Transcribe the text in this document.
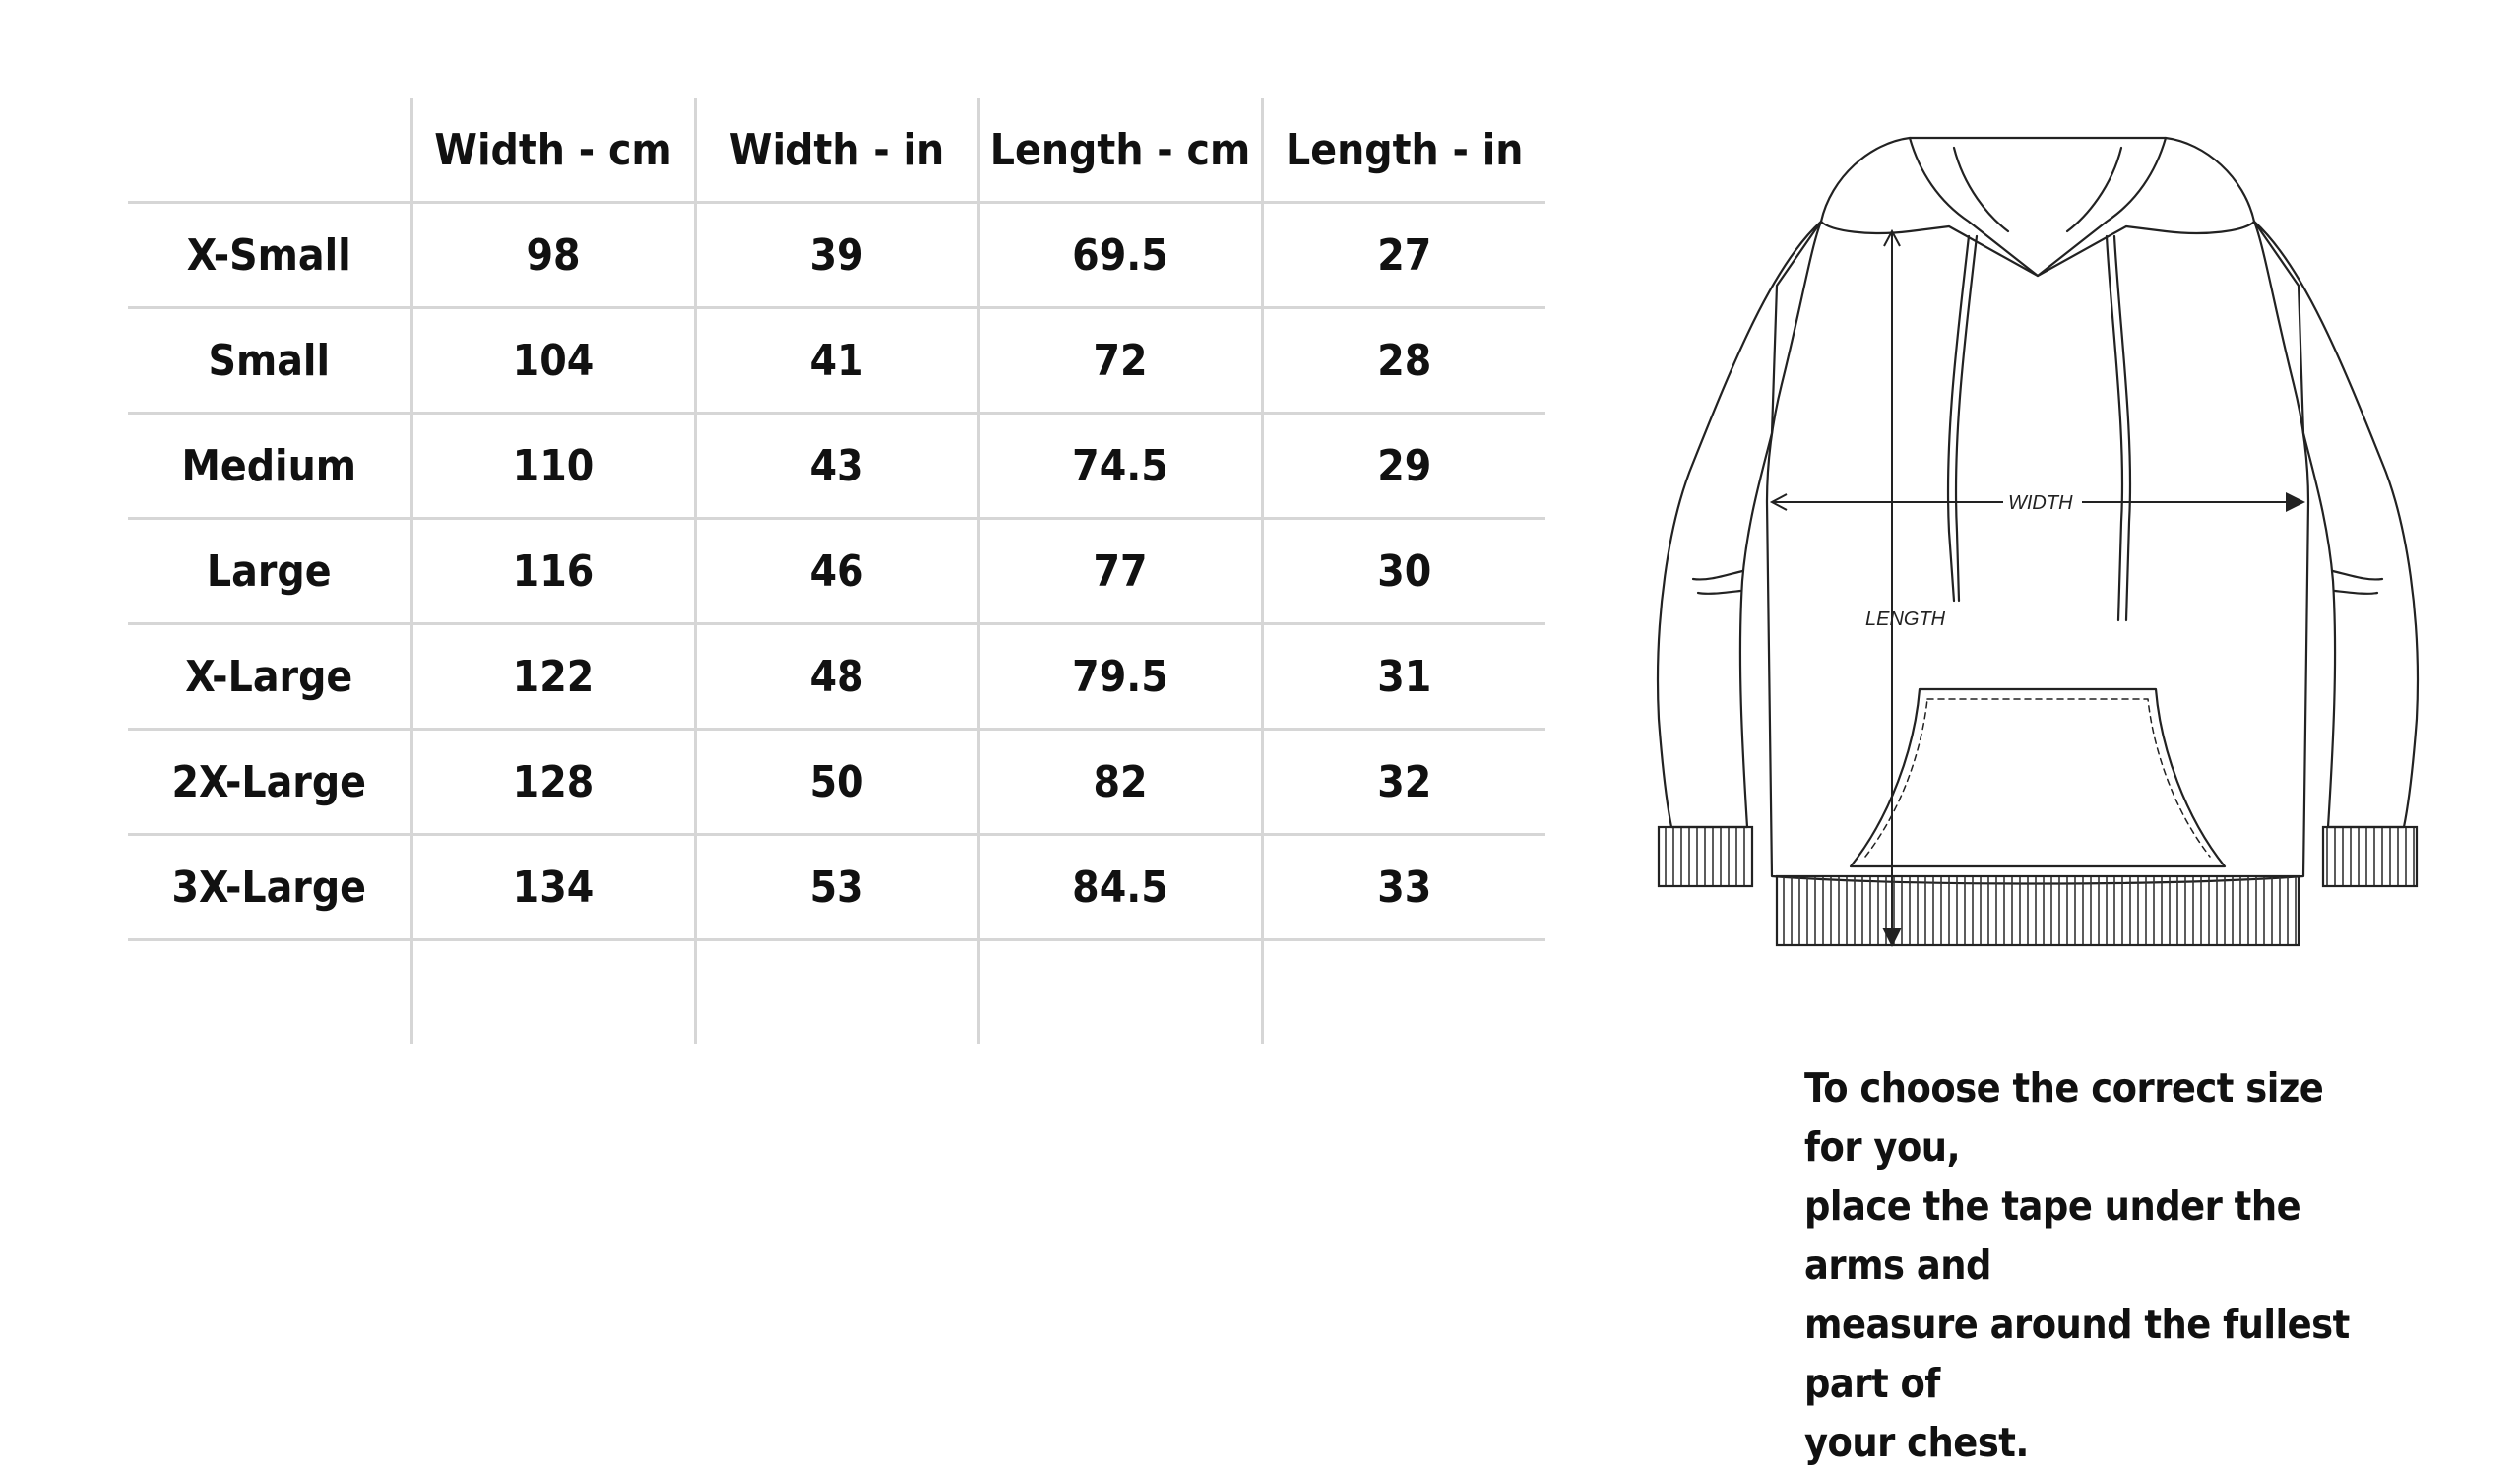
	Width - cm	Width - in	Length - cm	Length - in
X-Small	98	39	69.5	27
Small	104	41	72	28
Medium	110	43	74.5	29
Large	116	46	77	30
X-Large	122	48	79.5	31
2X-Large	128	50	82	32
3X-Large	134	53	84.5	33

WIDTH
LENGTH
To choose the correct size for you,
place the tape under the arms and
measure around the fullest part of
your chest.
